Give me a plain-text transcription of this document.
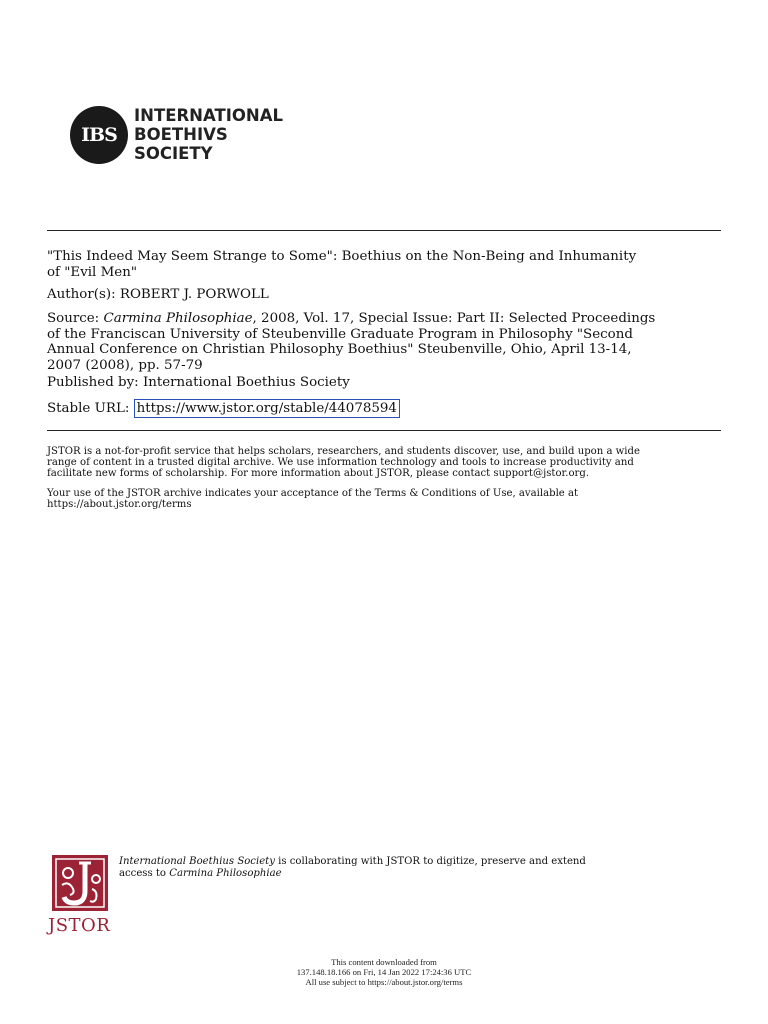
IBS
INTERNATIONAL
BOETHIVS
SOCIETY
"This Indeed May Seem Strange to Some": Boethius on the Non-Being and Inhumanity
of "Evil Men"
Author(s): ROBERT J. PORWOLL
Source: Carmina Philosophiae, 2008, Vol. 17, Special Issue: Part II: Selected Proceedings
of the Franciscan University of Steubenville Graduate Program in Philosophy "Second
Annual Conference on Christian Philosophy Boethius" Steubenville, Ohio, April 13-14,
2007 (2008), pp. 57-79
Published by: International Boethius Society
Stable URL: https://www.jstor.org/stable/44078594
JSTOR is a not-for-profit service that helps scholars, researchers, and students discover, use, and build upon a wide
range of content in a trusted digital archive. We use information technology and tools to increase productivity and
facilitate new forms of scholarship. For more information about JSTOR, please contact support@jstor.org.
Your use of the JSTOR archive indicates your acceptance of the Terms & Conditions of Use, available at
https://about.jstor.org/terms
JSTOR
International Boethius Society is collaborating with JSTOR to digitize, preserve and extend
access to Carmina Philosophiae
This content downloaded from
137.148.18.166 on Fri, 14 Jan 2022 17:24:36 UTC
All use subject to https://about.jstor.org/terms
